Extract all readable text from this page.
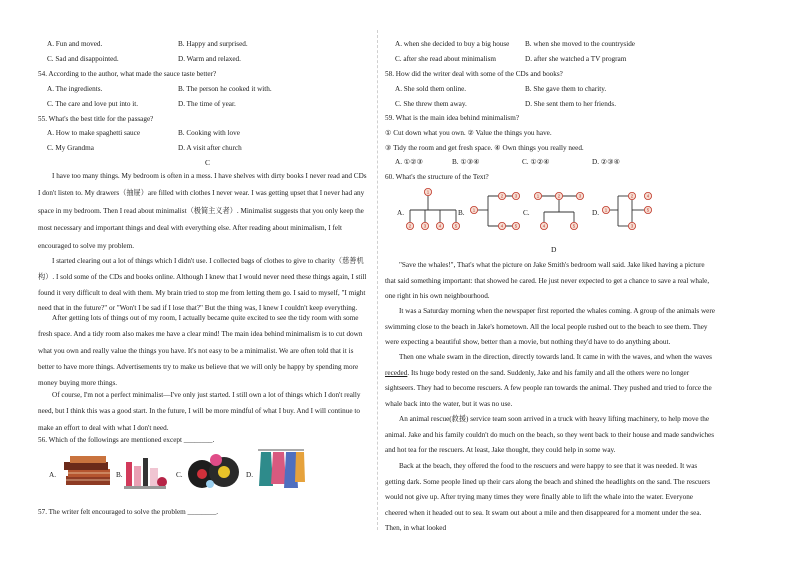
A. Fun and moved.	B. Happy and surprised.
C. Sad and disappointed.	D. Warm and relaxed.
54. According to the author, what made the sauce taste better?
A. The ingredients.	B. The person he cooked it with.
C. The care and love put into it.	D. The time of year.
55. What's the best title for the passage?
A. How to make spaghetti sauce	B. Cooking with love
C. My Grandma	D. A visit after church
C

I have too many things. My bedroom is often in a mess. I have shelves with dirty books I never read and CDs I don't listen to. My drawers（抽屉）are filled with clothes I never wear. I was getting upset that I never had any space in my bedroom. Then I read about minimalist（极简主义者）. Minimalist suggests that you only keep the most necessary and important things and deal with everything else. After reading about minimalism, I felt encouraged to solve my problem.

I started clearing out a lot of things which I didn't use. I collected bags of clothes to give to charity（慈善机构）. I sold some of the CDs and books online. Although I knew that I would never need these things again, I still found it very difficult to deal with them. My brain tried to stop me from letting them go. I said to myself, "I might need that in the future?" or "Won't I be sad if I lose that?" But the thing was, I knew I couldn't keep everything.

After getting lots of things out of my room, I actually became quite excited to see the tidy room with some fresh space. And a tidy room also makes me have a clear mind! The main idea behind minimalism is to cut down what you own and really value the things you have. It's not easy to be a minimalist. We are often told that it is better to have more things. Advertisements try to make us believe that we will only be happy by spending more money buying more things.

Of course, I'm not a perfect minimalist—I've only just started. I still own a lot of things which I don't really need, but I think this was a good start. In the future, I will be more mindful of what I buy. And I will continue to make an effort to deal with what I don't need.

56. Which of the followings are mentioned except ________.
A.	B.	C.	D.
57. The writer felt encouraged to solve the problem ________.
A. when she decided to buy a big house B. when she moved to the countryside
C. after she read about minimalism	D. after she watched a TV program
58. How did the writer deal with some of the CDs and books?
A. She sold them online.	B. She gave them to charity.
C. She threw them away.	D. She sent them to her friends.
59. What is the main idea behind minimalism?
① Cut down what you own. ② Value the things you have.
③ Tidy the room and get fresh space. ④ Own things you really need.
A. ①②③	B. ①③④	C. ①②④	D. ②③④
60. What's the structure of the Text?
A.
1
2	3	4	5
B. 1
2	3
4	5
C.
1	2	3
4	5
D. 1
2
3
4
5
D

"Save the whales!", That's what the picture on Jake Smith's bedroom wall said. Jake liked having a picture that said something important: that showed he cared. He just never expected to get a chance to save a real whale, one right in his own neighbourhood.

It was a Saturday morning when the newspaper first reported the whales coming. A group of the animals were swimming close to the beach in Jake's hometown. All the local people rushed out to the beach to see them. They were expecting a beautiful show, better than a movie, but nothing they'd have to do anything about.

Then one whale swam in the direction, directly towards land. It came in with the waves, and when the waves receded. Its huge body rested on the sand. Suddenly, Jake and his family and all the others were no longer sightseers. They had to become rescuers. A few people ran towards the animal. They pushed and tried to force the whale back into the water, but it was no use.

An animal rescue(救援) service team soon arrived in a truck with heavy lifting machinery, to help move the animal. Jake and his family couldn't do much on the beach, so they went back to their house and made sandwiches and hot tea for the rescuers. At least, Jake thought, they could help in some way.

Back at the beach, they offered the food to the rescuers and were happy to see that it was needed. It was getting dark. Some people lined up their cars along the beach and shined the headlights on the sand. The rescuers would not give up. After trying many times they were finally able to lift the whale into the water. Everyone cheered when it headed out to sea. It swam out about a mile and then disappeared for a moment under the sea. Then, in what looked
